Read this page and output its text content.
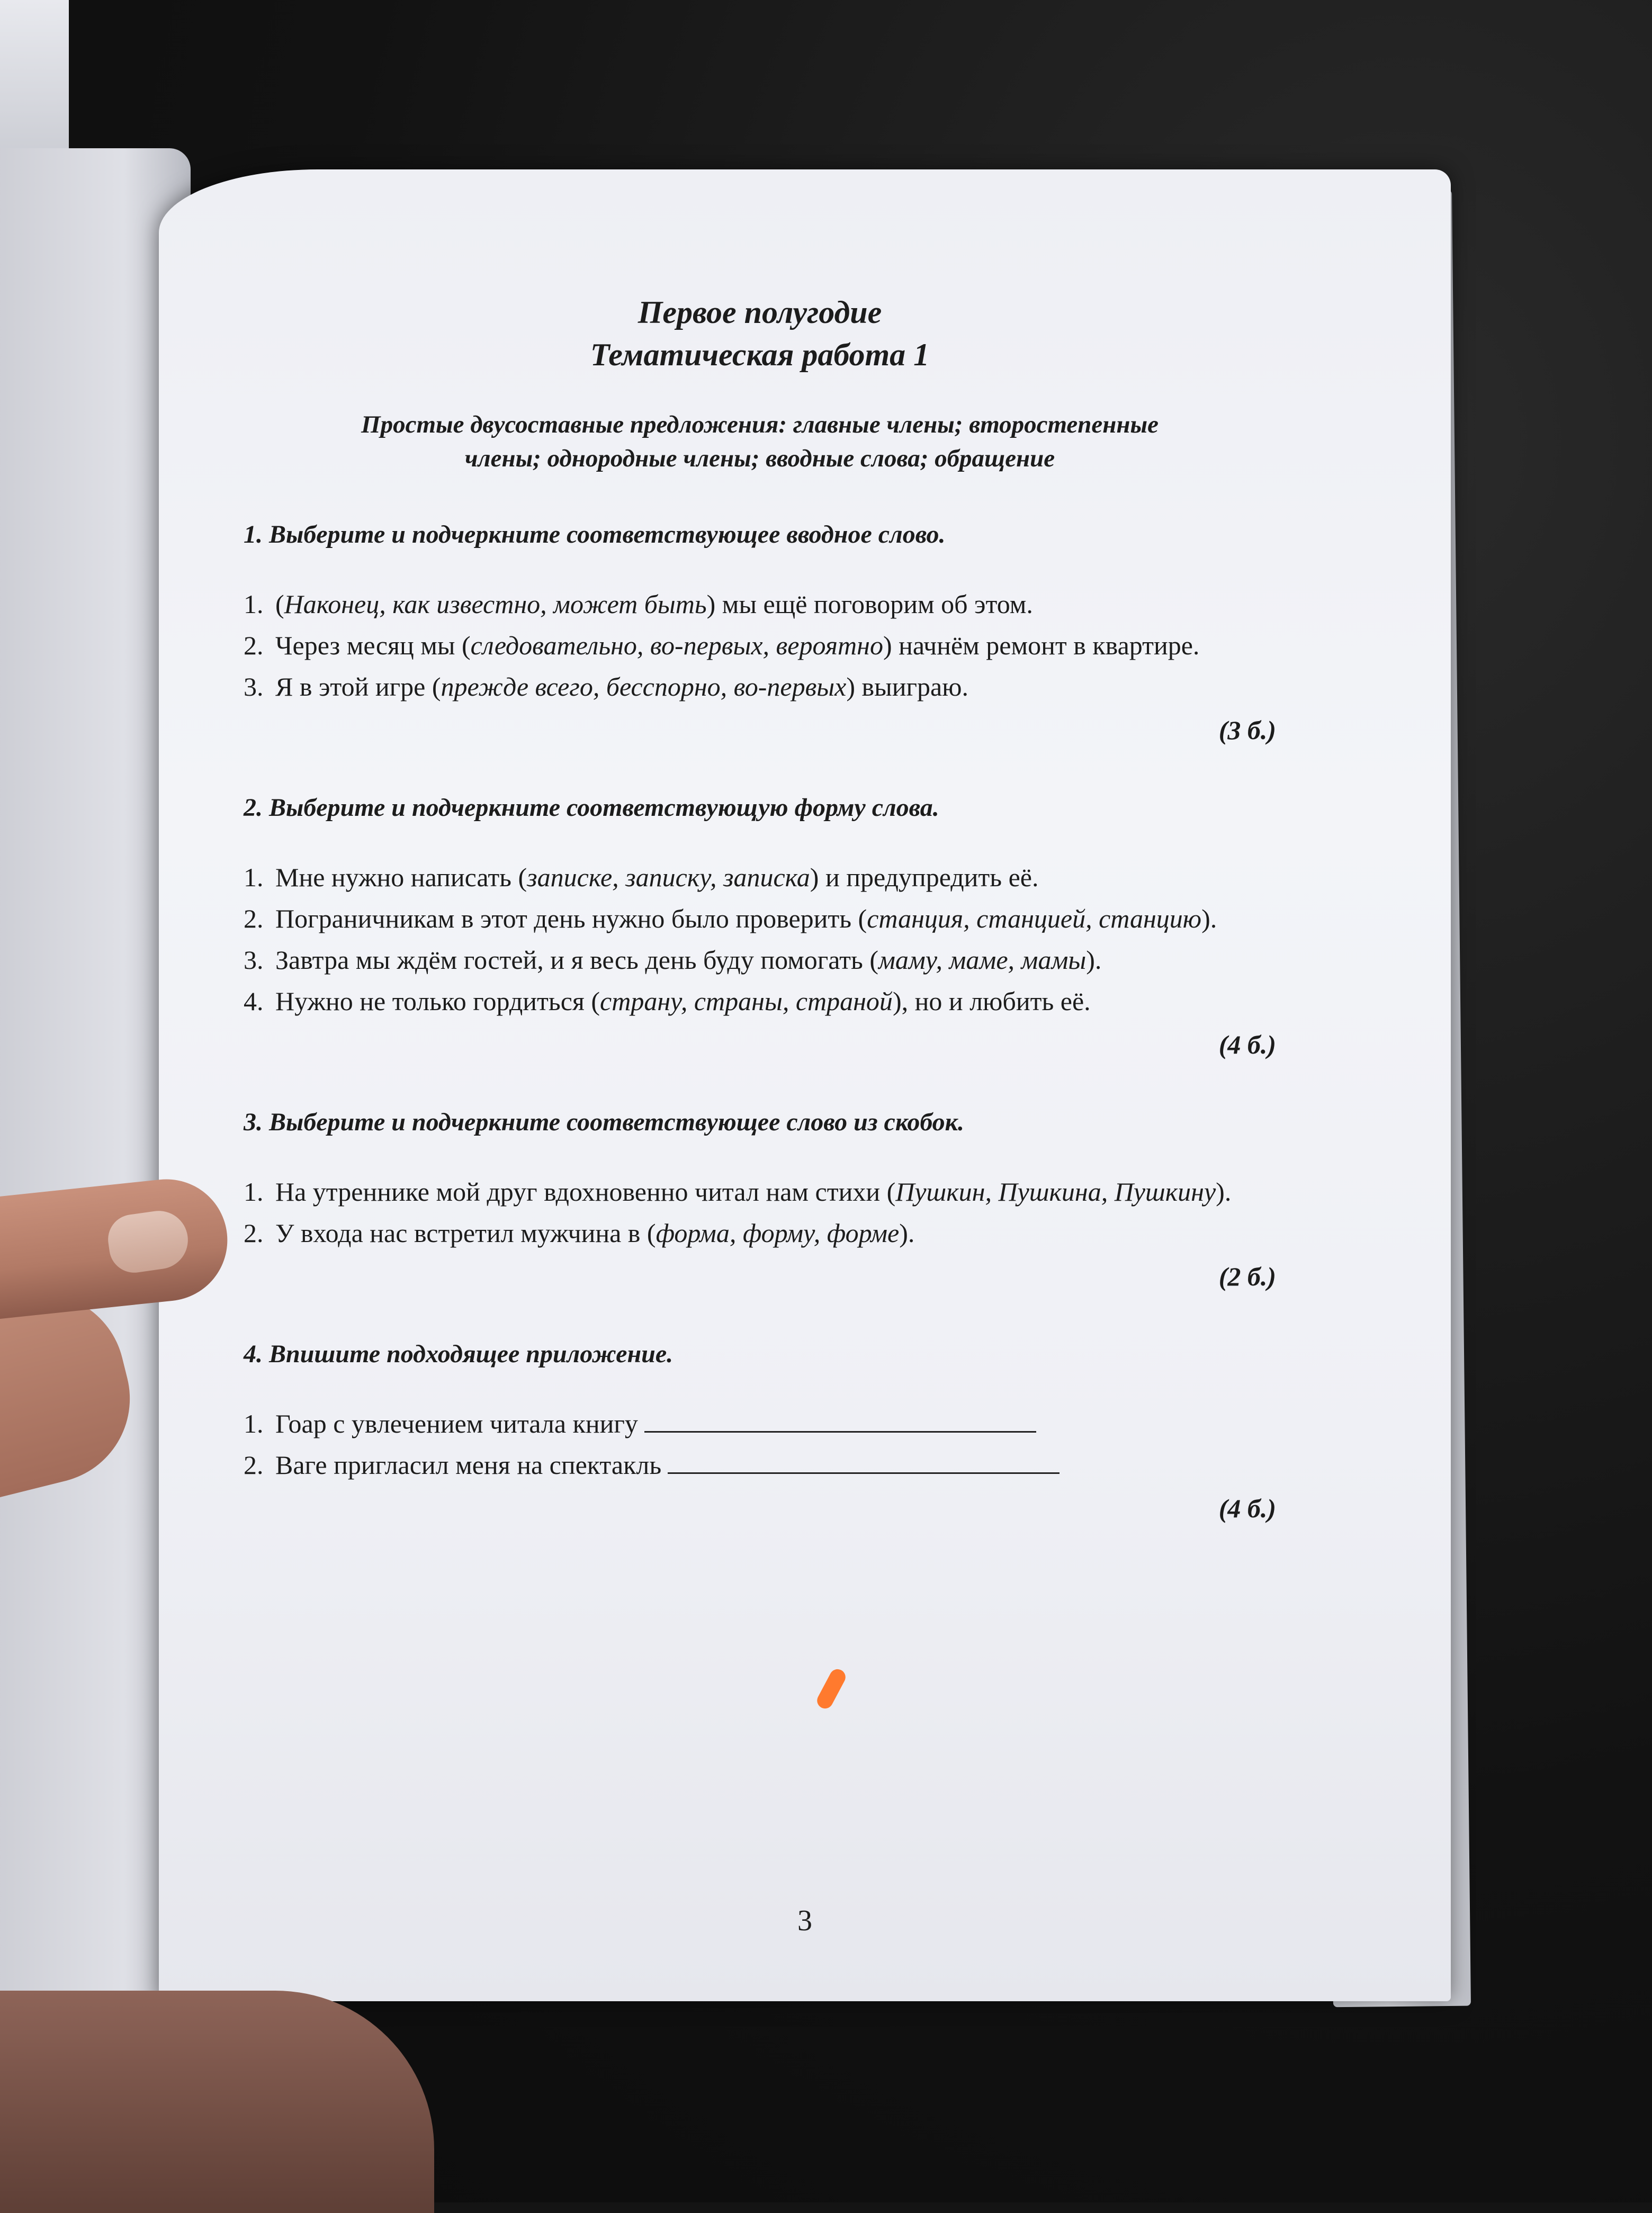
Первое полугодие
Тематическая работа 1
Простые двусоставные предложения: главные члены; второстепенные
члены; однородные члены; вводные слова; обращение
1. Выберите и подчеркните соответствующее вводное слово.
1. (Наконец, как известно, может быть) мы ещё поговорим об этом.
2. Через месяц мы (следовательно, во-первых, вероятно) начнём ремонт в квартире.
3. Я в этой игре (прежде всего, бесспорно, во-первых) выиграю.
(3 б.)
2. Выберите и подчеркните соответствующую форму слова.
1. Мне нужно написать (записке, записку, записка) и предупредить её.
2. Пограничникам в этот день нужно было проверить (станция, станцией, станцию).
3. Завтра мы ждём гостей, и я весь день буду помогать (маму, маме, мамы).
4. Нужно не только гордиться (страну, страны, страной), но и любить её.
(4 б.)
3. Выберите и подчеркните соответствующее слово из скобок.
1. На утреннике мой друг вдохновенно читал нам стихи (Пушкин, Пушкина, Пушкину).
2. У входа нас встретил мужчина в (форма, форму, форме).
(2 б.)
4. Впишите подходящее приложение.
1. Гоар с увлечением читала книгу
2. Ваге пригласил меня на спектакль
(4 б.)
3
